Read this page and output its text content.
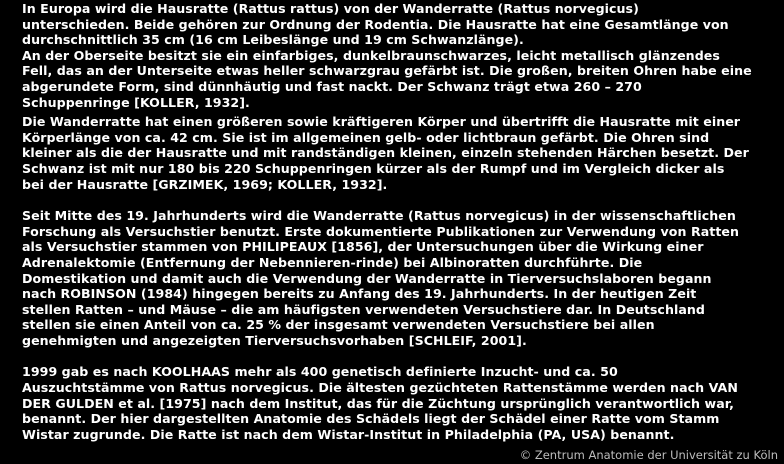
In Europa wird die Hausratte (Rattus rattus) von der Wanderratte (Rattus norvegicus)
unterschieden. Beide gehören zur Ordnung der Rodentia. Die Hausratte hat eine Gesamtlänge von
durchschnittlich 35 cm (16 cm Leibeslänge und 19 cm Schwanzlänge).
An der Oberseite besitzt sie ein einfarbiges, dunkelbraunschwarzes, leicht metallisch glänzendes
Fell, das an der Unterseite etwas heller schwarzgrau gefärbt ist. Die großen, breiten Ohren habe eine
abgerundete Form, sind dünnhäutig und fast nackt. Der Schwanz trägt etwa 260 – 270
Schuppenringe [KOLLER, 1932].

Die Wanderratte hat einen größeren sowie kräftigeren Körper und übertrifft die Hausratte mit einer
Körperlänge von ca. 42 cm. Sie ist im allgemeinen gelb- oder lichtbraun gefärbt. Die Ohren sind
kleiner als die der Hausratte und mit randständigen kleinen, einzeln stehenden Härchen besetzt. Der
Schwanz ist mit nur 180 bis 220 Schuppenringen kürzer als der Rumpf und im Vergleich dicker als
bei der Hausratte [GRZIMEK, 1969; KOLLER, 1932].

Seit Mitte des 19. Jahrhunderts wird die Wanderratte (Rattus norvegicus) in der wissenschaftlichen
Forschung als Versuchstier benutzt. Erste dokumentierte Publikationen zur Verwendung von Ratten
als Versuchstier stammen von PHILIPEAUX [1856], der Untersuchungen über die Wirkung einer
Adrenalektomie (Entfernung der Nebennieren-rinde) bei Albinoratten durchführte. Die
Domestikation und damit auch die Verwendung der Wanderratte in Tierversuchslaboren begann
nach ROBINSON (1984) hingegen bereits zu Anfang des 19. Jahrhunderts. In der heutigen Zeit
stellen Ratten – und Mäuse – die am häufigsten verwendeten Versuchstiere dar. In Deutschland
stellen sie einen Anteil von ca. 25 % der insgesamt verwendeten Versuchstiere bei allen
genehmigten und angezeigten Tierversuchsvorhaben [SCHLEIF, 2001].

1999 gab es nach KOOLHAAS mehr als 400 genetisch definierte Inzucht- und ca. 50
Auszuchtstämme von Rattus norvegicus. Die ältesten gezüchteten Rattenstämme werden nach VAN
DER GULDEN et al. [1975] nach dem Institut, das für die Züchtung ursprünglich verantwortlich war,
benannt. Der hier dargestellten Anatomie des Schädels liegt der Schädel einer Ratte vom Stamm
Wistar zugrunde. Die Ratte ist nach dem Wistar-Institut in Philadelphia (PA, USA) benannt.

© Zentrum Anatomie der Universität zu Köln
